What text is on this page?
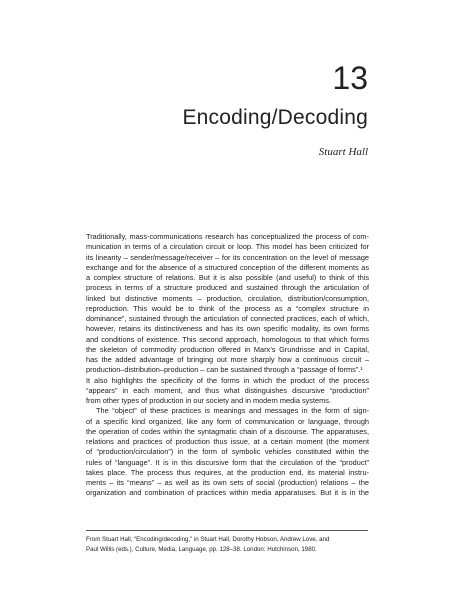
13
Encoding/Decoding
Stuart Hall
Traditionally, mass-communications research has conceptualized the process of com-
munication in terms of a circulation circuit or loop. This model has been criticized for
its linearity – sender/message/receiver – for its concentration on the level of message
exchange and for the absence of a structured conception of the different moments as
a complex structure of relations. But it is also possible (and useful) to think of this
process in terms of a structure produced and sustained through the articulation of
linked but distinctive moments – production, circulation, distribution/consumption,
reproduction. This would be to think of the process as a “complex structure in
dominance”, sustained through the articulation of connected practices, each of which,
however, retains its distinctiveness and has its own specific modality, its own forms
and conditions of existence. This second approach, homologous to that which forms
the skeleton of commodity production offered in Marx’s Grundrisse and in Capital,
has the added advantage of bringing out more sharply how a continuous circuit –
production–distribution–production – can be sustained through a “passage of forms”.¹
It also highlights the specificity of the forms in which the product of the process
“appears” in each moment, and thus what distinguishes discursive “production”
from other types of production in our society and in modern media systems.
The “object” of these practices is meanings and messages in the form of sign-
of a specific kind organized, like any form of communication or language, through
the operation of codes within the syntagmatic chain of a discourse. The apparatuses,
relations and practices of production thus issue, at a certain moment (the moment
of “production/circulation”) in the form of symbolic vehicles constituted within the
rules of “language”. It is in this discursive form that the circulation of the “product”
takes place. The process thus requires, at the production end, its material instru-
ments – its “means” – as well as its own sets of social (production) relations – the
organization and combination of practices within media apparatuses. But it is in the
From Stuart Hall, “Encoding/decoding,” in Stuart Hall, Dorothy Hobson, Andrew Love, and
Paul Willis (eds.), Culture, Media, Language, pp. 128–38. London: Hutchinson, 1980.
